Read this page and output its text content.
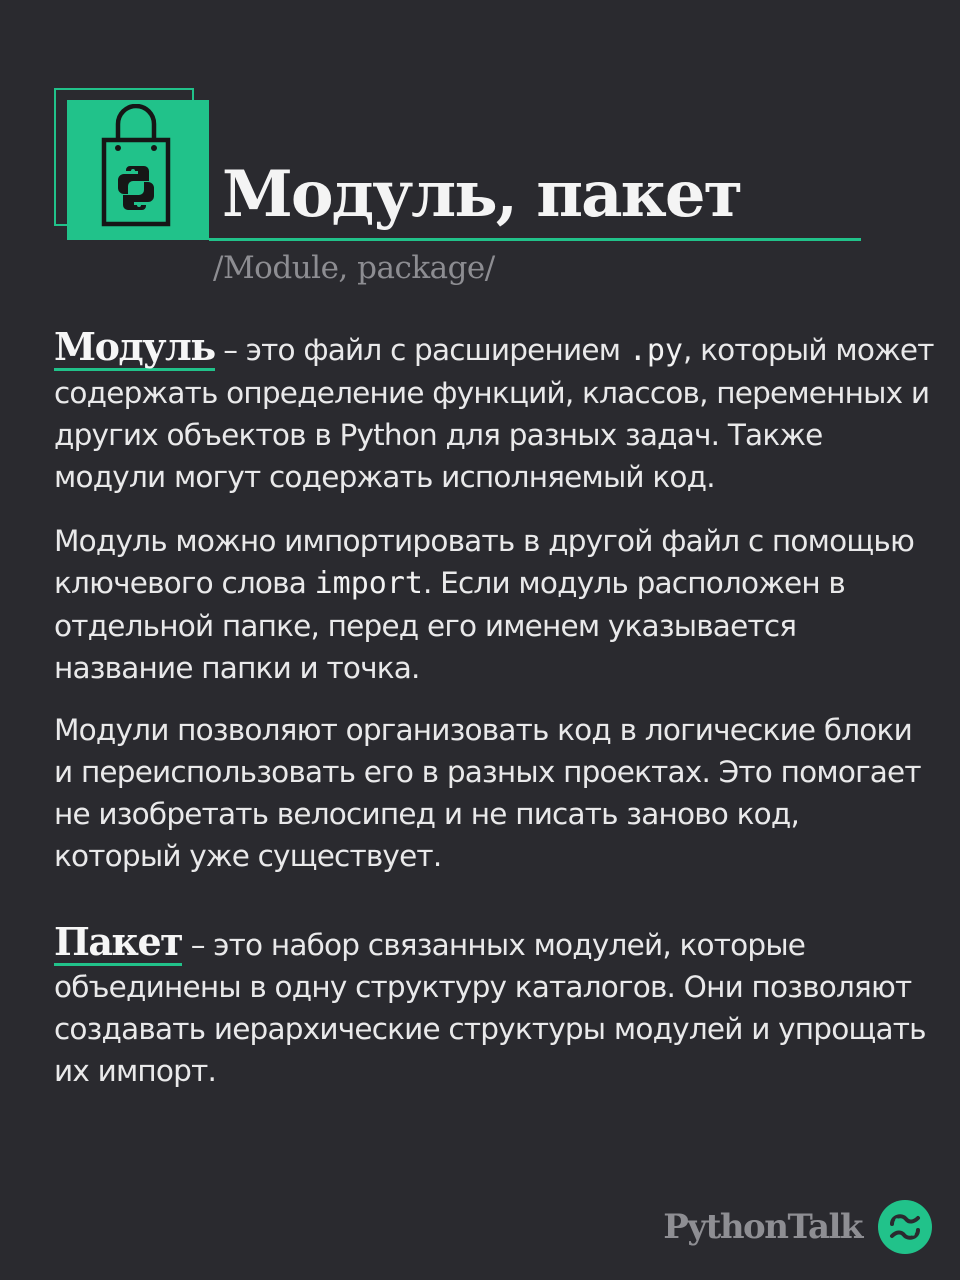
Модуль, пакет
/Module, package/

Модуль – это файл с расширением .py, который может содержать определение функций, классов, переменных и других объектов в Python для разных задач. Также модули могут содержать исполняемый код.

Модуль можно импортировать в другой файл с помощью ключевого слова import. Если модуль расположен в отдельной папке, перед его именем указывается название папки и точка.

Модули позволяют организовать код в логические блоки и переиспользовать его в разных проектах. Это помогает не изобретать велосипед и не писать заново код, который уже существует.

Пакет – это набор связанных модулей, которые объединены в одну структуру каталогов. Они позволяют создавать иерархические структуры модулей и упрощать их импорт.

PythonTalk
